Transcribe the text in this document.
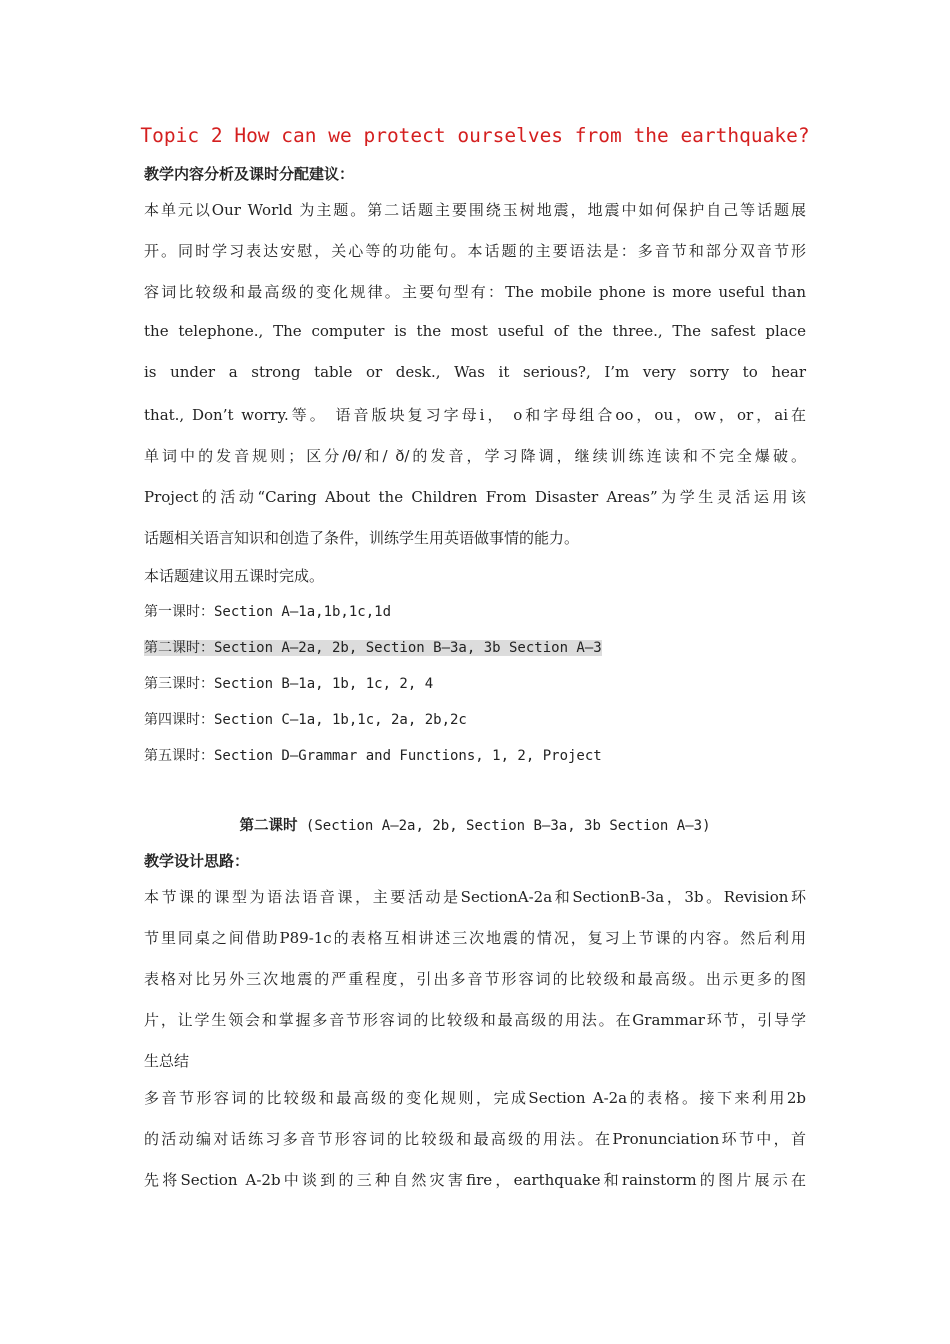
Topic 2 How can we protect ourselves from the earthquake?
教学内容分析及课时分配建议：
本单元以Our World 为主题。第二话题主要围绕玉树地震，地震中如何保护自己等话题展
开。同时学习表达安慰，关心等的功能句。本话题的主要语法是：多音节和部分双音节形
容词比较级和最高级的变化规律。主要句型有：The mobile phone is more useful than
the telephone., The computer is the most useful of the three., The safest place
is under a strong table or desk., Was it serious?, I’m very sorry to hear
that., Don’t worry.等。 语音版块复习字母i， o和字母组合oo，ou，ow，or，ai在
单词中的发音规则；区分/θ/和/ ð/的发音，学习降调，继续训练连读和不完全爆破。
Project的活动“Caring About the Children From Disaster Areas”为学生灵活运用该
话题相关语言知识和创造了条件，训练学生用英语做事情的能力。
本话题建议用五课时完成。
第一课时：Section A—1a,1b,1c,1d
第二课时：Section A—2a, 2b, Section B—3a, 3b Section A—3
第三课时：Section B—1a, 1b, 1c, 2, 4
第四课时：Section C—1a, 1b,1c, 2a, 2b,2c
第五课时：Section D—Grammar and Functions, 1, 2, Project
第二课时 (Section A—2a, 2b, Section B—3a, 3b Section A—3)
教学设计思路：
本节课的课型为语法语音课，主要活动是SectionA-2a和SectionB-3a，3b。Revision环
节里同桌之间借助P89-1c的表格互相讲述三次地震的情况，复习上节课的内容。然后利用
表格对比另外三次地震的严重程度，引出多音节形容词的比较级和最高级。出示更多的图
片，让学生领会和掌握多音节形容词的比较级和最高级的用法。在Grammar环节，引导学
生总结
多音节形容词的比较级和最高级的变化规则，完成Section A-2a的表格。接下来利用2b
的活动编对话练习多音节形容词的比较级和最高级的用法。在Pronunciation环节中，首
先将Section A-2b中谈到的三种自然灾害fire，earthquake和rainstorm的图片展示在
